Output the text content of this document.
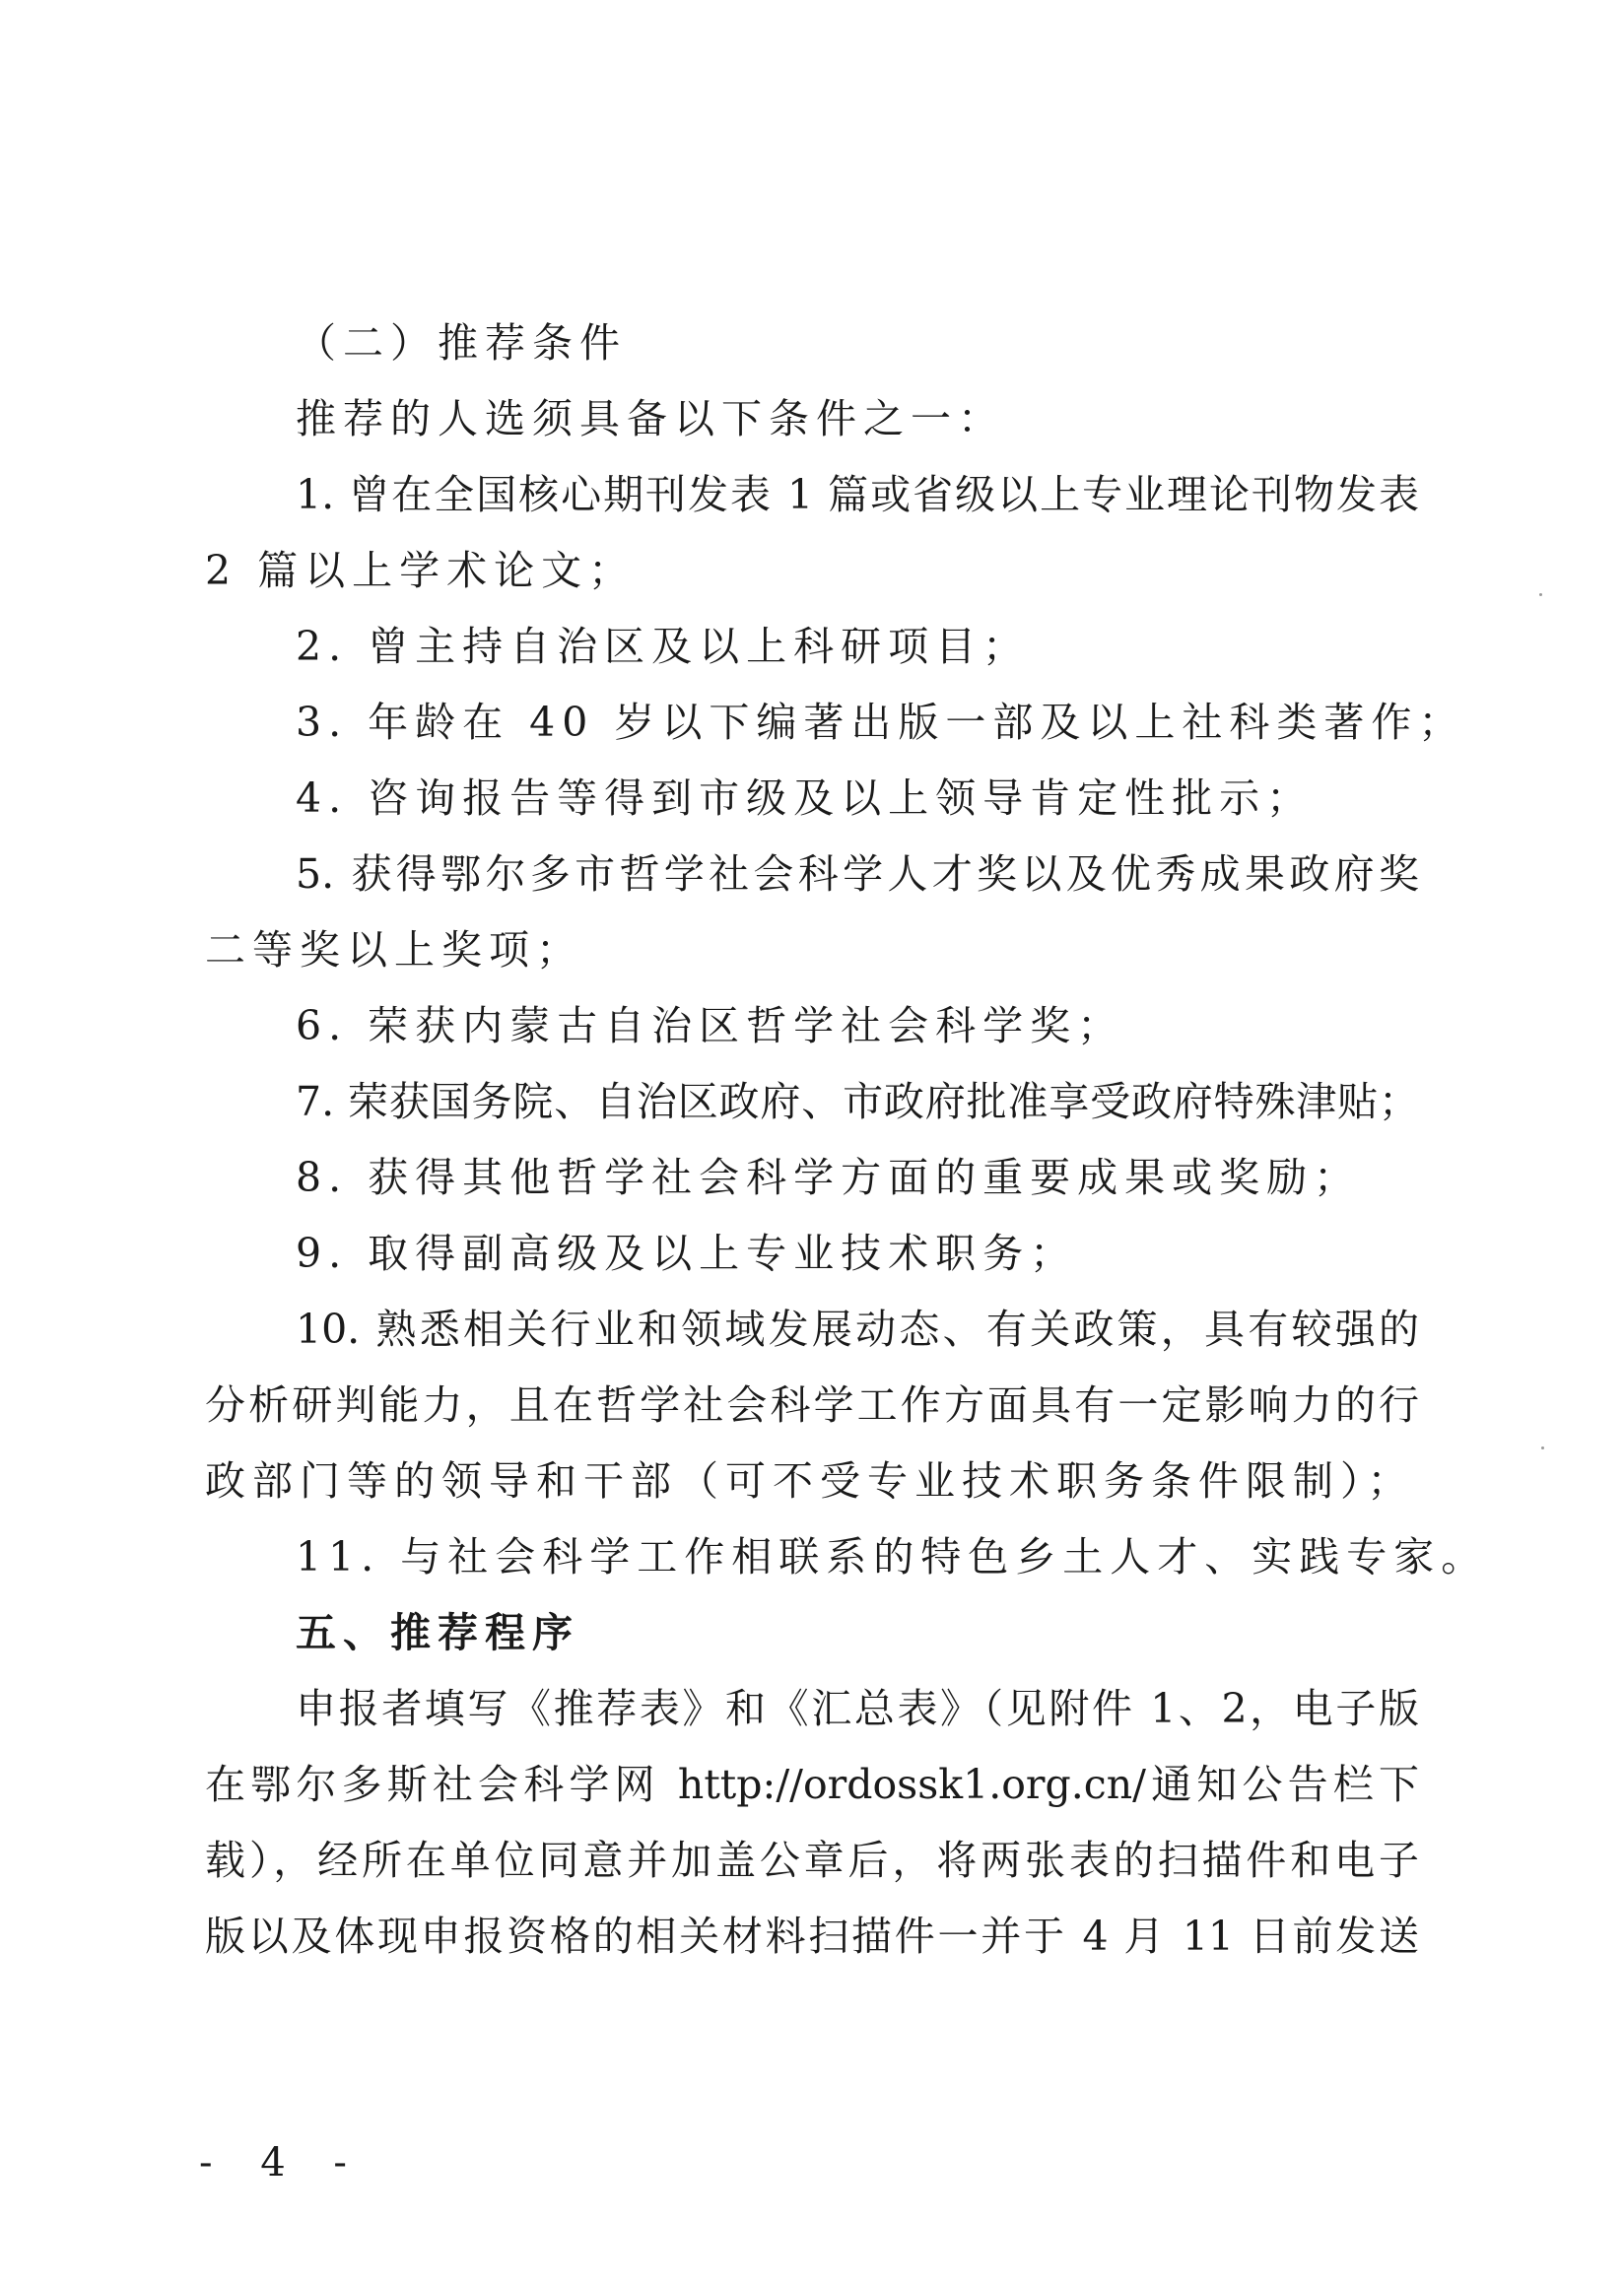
（二）推荐条件
推荐的人选须具备以下条件之一：
1. 曾在全国核心期刊发表 1 篇或省级以上专业理论刊物发表
2 篇以上学术论文；
2. 曾主持自治区及以上科研项目；
3. 年龄在 40 岁以下编著出版一部及以上社科类著作；
4. 咨询报告等得到市级及以上领导肯定性批示；
5. 获得鄂尔多市哲学社会科学人才奖以及优秀成果政府奖
二等奖以上奖项；
6. 荣获内蒙古自治区哲学社会科学奖；
7. 荣获国务院、自治区政府、市政府批准享受政府特殊津贴；
8. 获得其他哲学社会科学方面的重要成果或奖励；
9. 取得副高级及以上专业技术职务；
10. 熟悉相关行业和领域发展动态、有关政策，具有较强的
分析研判能力，且在哲学社会科学工作方面具有一定影响力的行
政部门等的领导和干部（可不受专业技术职务条件限制）；
11. 与社会科学工作相联系的特色乡土人才、实践专家。
五、推荐程序
申报者填写《推荐表》和《汇总表》（见附件 1、2，电子版
在鄂尔多斯社会科学网 http://ordossk1.org.cn/通知公告栏下
载），经所在单位同意并加盖公章后，将两张表的扫描件和电子
版以及体现申报资格的相关材料扫描件一并于 4 月 11 日前发送
- 4 -
